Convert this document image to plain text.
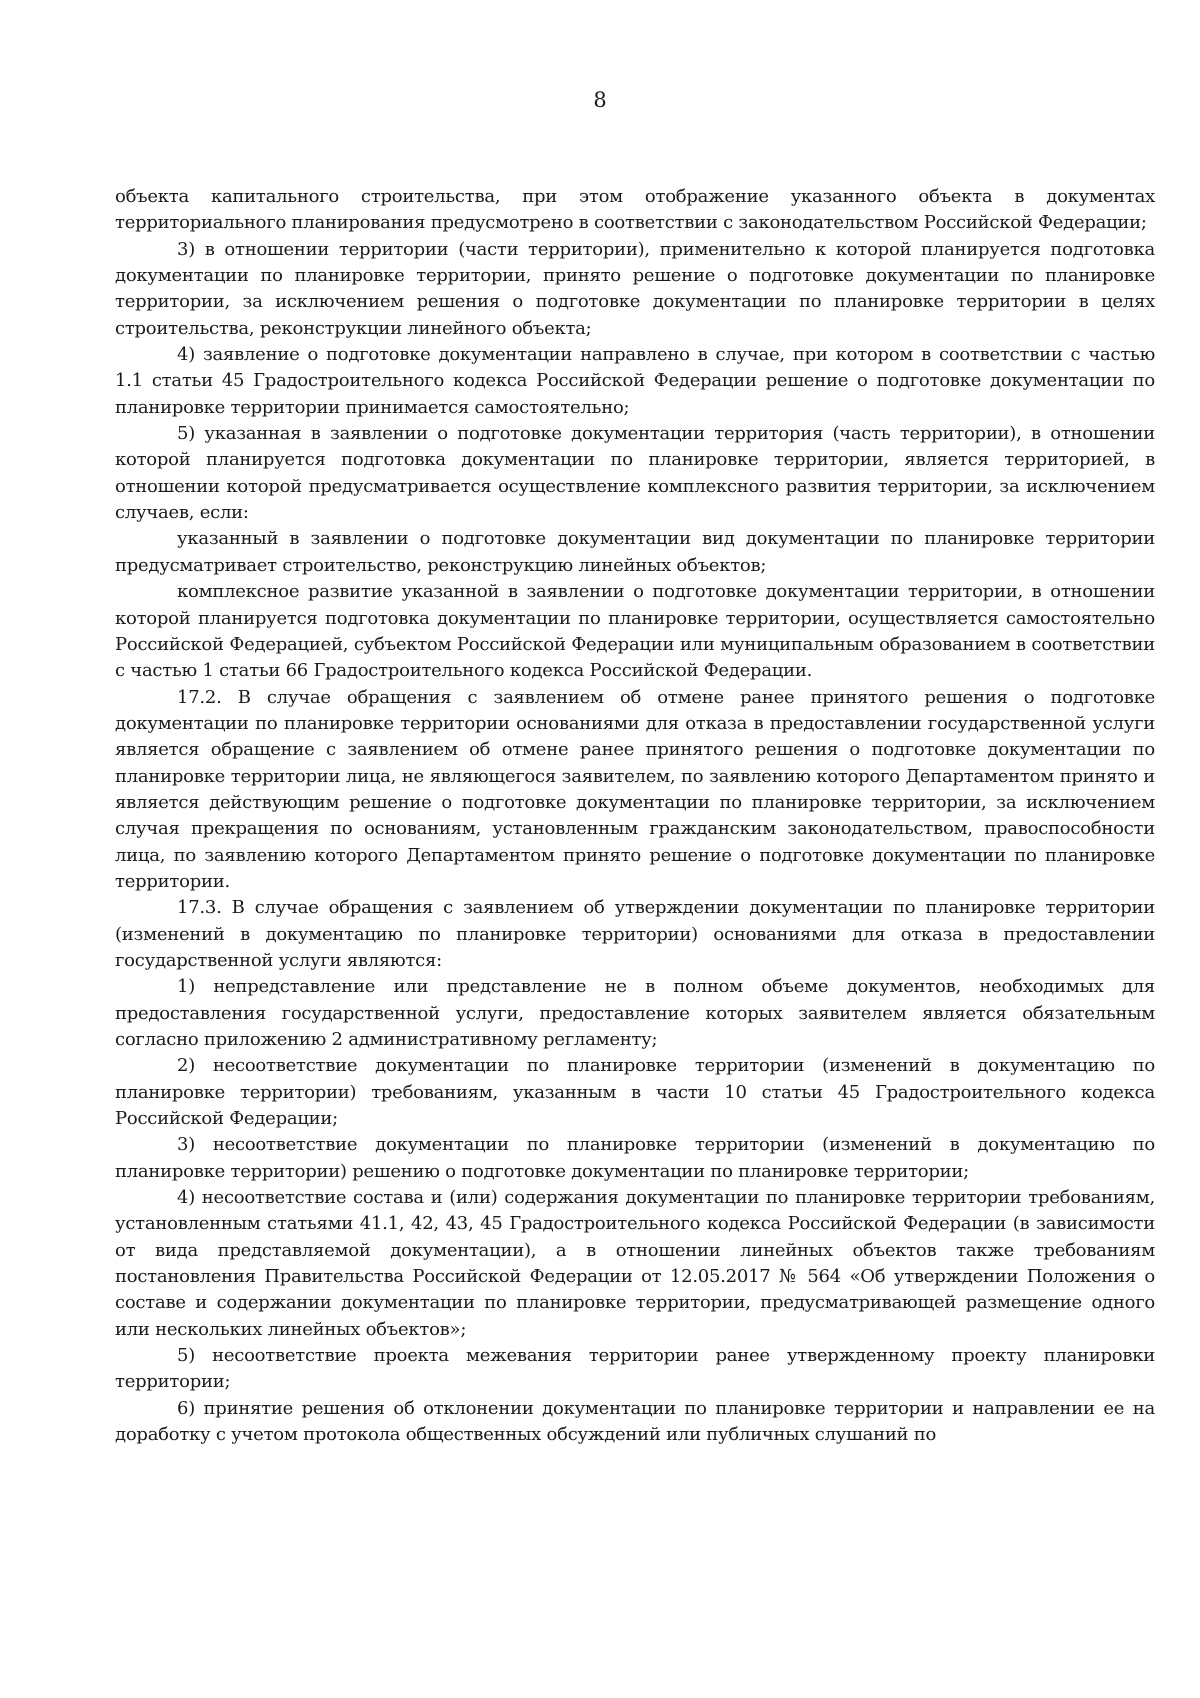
8

объекта капитального строительства, при этом отображение указанного объекта в документах территориального планирования предусмотрено в соответствии с законодательством Российской Федерации;

3) в отношении территории (части территории), применительно к которой планируется подготовка документации по планировке территории, принято решение о подготовке документации по планировке территории, за исключением решения о подготовке документации по планировке территории в целях строительства, реконструкции линейного объекта;

4) заявление о подготовке документации направлено в случае, при котором в соответствии с частью 1.1 статьи 45 Градостроительного кодекса Российской Федерации решение о подготовке документации по планировке территории принимается самостоятельно;

5) указанная в заявлении о подготовке документации территория (часть территории), в отношении которой планируется подготовка документации по планировке территории, является территорией, в отношении которой предусматривается осуществление комплексного развития территории, за исключением случаев, если:

указанный в заявлении о подготовке документации вид документации по планировке территории предусматривает строительство, реконструкцию линейных объектов;

комплексное развитие указанной в заявлении о подготовке документации территории, в отношении которой планируется подготовка документации по планировке территории, осуществляется самостоятельно Российской Федерацией, субъектом Российской Федерации или муниципальным образованием в соответствии с частью 1 статьи 66 Градостроительного кодекса Российской Федерации.

17.2. В случае обращения с заявлением об отмене ранее принятого решения о подготовке документации по планировке территории основаниями для отказа в предоставлении государственной услуги является обращение с заявлением об отмене ранее принятого решения о подготовке документации по планировке территории лица, не являющегося заявителем, по заявлению которого Департаментом принято и является действующим решение о подготовке документации по планировке территории, за исключением случая прекращения по основаниям, установленным гражданским законодательством, правоспособности лица, по заявлению которого Департаментом принято решение о подготовке документации по планировке территории.

17.3. В случае обращения с заявлением об утверждении документации по планировке территории (изменений в документацию по планировке территории) основаниями для отказа в предоставлении государственной услуги являются:

1) непредставление или представление не в полном объеме документов, необходимых для предоставления государственной услуги, предоставление которых заявителем является обязательным согласно приложению 2 административному регламенту;

2) несоответствие документации по планировке территории (изменений в документацию по планировке территории) требованиям, указанным в части 10 статьи 45 Градостроительного кодекса Российской Федерации;

3) несоответствие документации по планировке территории (изменений в документацию по планировке территории) решению о подготовке документации по планировке территории;

4) несоответствие состава и (или) содержания документации по планировке территории требованиям, установленным статьями 41.1, 42, 43, 45 Градостроительного кодекса Российской Федерации (в зависимости от вида представляемой документации), а в отношении линейных объектов также требованиям постановления Правительства Российской Федерации от 12.05.2017 № 564 «Об утверждении Положения о составе и содержании документации по планировке территории, предусматривающей размещение одного или нескольких линейных объектов»;

5) несоответствие проекта межевания территории ранее утвержденному проекту планировки территории;

6) принятие решения об отклонении документации по планировке территории и направлении ее на доработку с учетом протокола общественных обсуждений или публичных слушаний по
